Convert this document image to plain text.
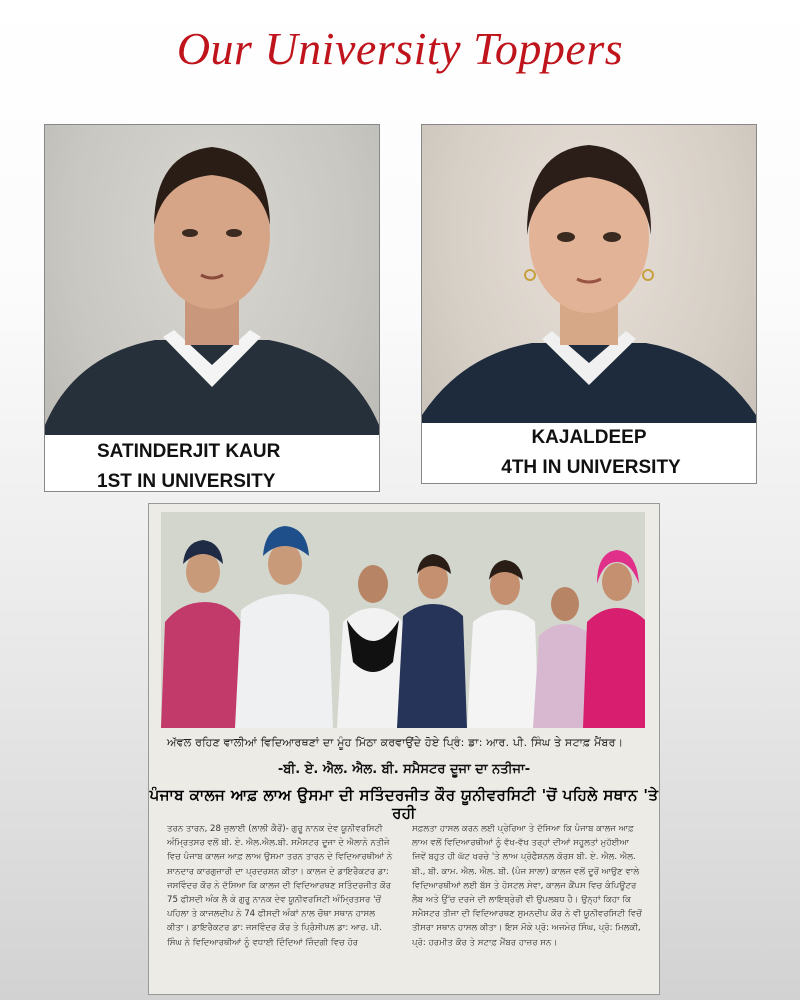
Our University Toppers
SATINDERJIT KAUR
1ST IN UNIVERSITY
KAJALDEEP
4TH IN UNIVERSITY
ਅੱਵਲ ਰਹਿਣ ਵਾਲੀਆਂ ਵਿਦਿਆਰਥਣਾਂ ਦਾ ਮੂੰਹ ਮਿੱਠਾ ਕਰਵਾਉਂਦੇ ਹੋਏ ਪ੍ਰਿੰ: ਡਾ: ਆਰ. ਪੀ. ਸਿੰਘ ਤੇ ਸਟਾਫ਼ ਮੈਂਬਰ।
-ਬੀ. ਏ. ਐਲ. ਐਲ. ਬੀ. ਸਮੈਸਟਰ ਦੂਜਾ ਦਾ ਨਤੀਜਾ-
ਪੰਜਾਬ ਕਾਲਜ ਆਫ਼ ਲਾਅ ਉਸਮਾ ਦੀ ਸਤਿੰਦਰਜੀਤ ਕੌਰ ਯੂਨੀਵਰਸਿਟੀ 'ਚੋਂ ਪਹਿਲੇ ਸਥਾਨ 'ਤੇ ਰਹੀ

ਤਰਨ ਤਾਰਨ, 28 ਜੁਲਾਈ (ਲਾਲੀ ਕੈਰੋਂ)- ਗੁਰੂ ਨਾਨਕ ਦੇਵ ਯੂਨੀਵਰਸਿਟੀ ਅੰਮ੍ਰਿਤਸਰ ਵਲੋਂ ਬੀ. ਏ. ਐਲ.ਐਲ.ਬੀ. ਸਮੈਸਟਰ ਦੂਜਾ ਦੇ ਐਲਾਨੇ ਨਤੀਜੇ ਵਿਚ ਪੰਜਾਬ ਕਾਲਜ ਆਫ਼ ਲਾਅ ਉਸਮਾ ਤਰਨ ਤਾਰਨ ਦੇ ਵਿਦਿਆਰਥੀਆਂ ਨੇ ਸ਼ਾਨਦਾਰ ਕਾਰਗੁਜ਼ਾਰੀ ਦਾ ਪ੍ਰਦਰਸ਼ਨ ਕੀਤਾ। ਕਾਲਜ ਦੇ ਡਾਇਰੈਕਟਰ ਡਾ: ਜਸਵਿੰਦਰ ਕੌਰ ਨੇ ਦੱਸਿਆ ਕਿ ਕਾਲਜ ਦੀ ਵਿਦਿਆਰਥਣ ਸਤਿੰਦਰਜੀਤ ਕੌਰ 75 ਫੀਸਦੀ ਅੰਕ ਲੈ ਕੇ ਗੁਰੂ ਨਾਨਕ ਦੇਵ ਯੂਨੀਵਰਸਿਟੀ ਅੰਮ੍ਰਿਤਸਰ 'ਚੋਂ ਪਹਿਲਾ ਤੇ ਕਾਜਲਦੀਪ ਨੇ 74 ਫੀਸਦੀ ਅੰਕਾਂ ਨਾਲ ਚੌਥਾ ਸਥਾਨ ਹਾਸਲ ਕੀਤਾ। ਡਾਇਰੈਕਟਰ ਡਾ: ਜਸਵਿੰਦਰ ਕੌਰ ਤੇ ਪ੍ਰਿੰਸੀਪਲ ਡਾ: ਆਰ. ਪੀ. ਸਿੰਘ ਨੇ ਵਿਦਿਆਰਥੀਆਂ ਨੂੰ ਵਧਾਈ ਦਿੰਦਿਆਂ ਜ਼ਿੰਦਗੀ ਵਿਚ ਹੋਰ

ਸਫ਼ਲਤਾ ਹਾਸਲ ਕਰਨ ਲਈ ਪ੍ਰੇਰਿਆ ਤੇ ਦੱਸਿਆ ਕਿ ਪੰਜਾਬ ਕਾਲਜ ਆਫ਼ ਲਾਅ ਵਲੋਂ ਵਿਦਿਆਰਥੀਆਂ ਨੂੰ ਵੱਖ-ਵੱਖ ਤਰ੍ਹਾਂ ਦੀਆਂ ਸਹੂਲਤਾਂ ਮੁਹੱਈਆ ਜਿਵੇਂ ਬਹੁਤ ਹੀ ਘੱਟ ਖਰਚੇ 'ਤੇ ਲਾਅ ਪ੍ਰੋਫੈਸ਼ਨਲ ਕੋਰਸ ਬੀ. ਏ. ਐਲ. ਐਲ. ਬੀ., ਬੀ. ਕਾਮ. ਐਲ. ਐਲ. ਬੀ. (ਪੰਜ ਸਾਲਾ) ਕਾਲਜ ਵਲੋਂ ਦੂਰੋਂ ਆਉਣ ਵਾਲੇ ਵਿਦਿਆਰਥੀਆਂ ਲਈ ਬੱਸ ਤੇ ਹੋਸਟਲ ਸੇਵਾ, ਕਾਲਜ ਕੈਂਪਸ ਵਿਚ ਕੰਪਿਊਟਰ ਲੈਬ ਅਤੇ ਉੱਚ ਦਰਜੇ ਦੀ ਲਾਇਬ੍ਰੇਰੀ ਵੀ ਉਪਲਬਧ ਹੈ। ਉਨ੍ਹਾਂ ਕਿਹਾ ਕਿ ਸਮੈਸਟਰ ਤੀਜਾ ਦੀ ਵਿਦਿਆਰਥਣ ਸੁਮਨਦੀਪ ਕੌਰ ਨੇ ਵੀ ਯੂਨੀਵਰਸਿਟੀ ਵਿਚੋਂ ਤੀਸਰਾ ਸਥਾਨ ਹਾਸਲ ਕੀਤਾ। ਇਸ ਮੌਕੇ ਪ੍ਰੋ: ਅਜਮੇਰ ਸਿੰਘ, ਪ੍ਰੋ: ਮਿਲਕੀ, ਪ੍ਰੋ: ਹਰਮੀਤ ਕੌਰ ਤੇ ਸਟਾਫ਼ ਮੈਂਬਰ ਹਾਜ਼ਰ ਸਨ।
